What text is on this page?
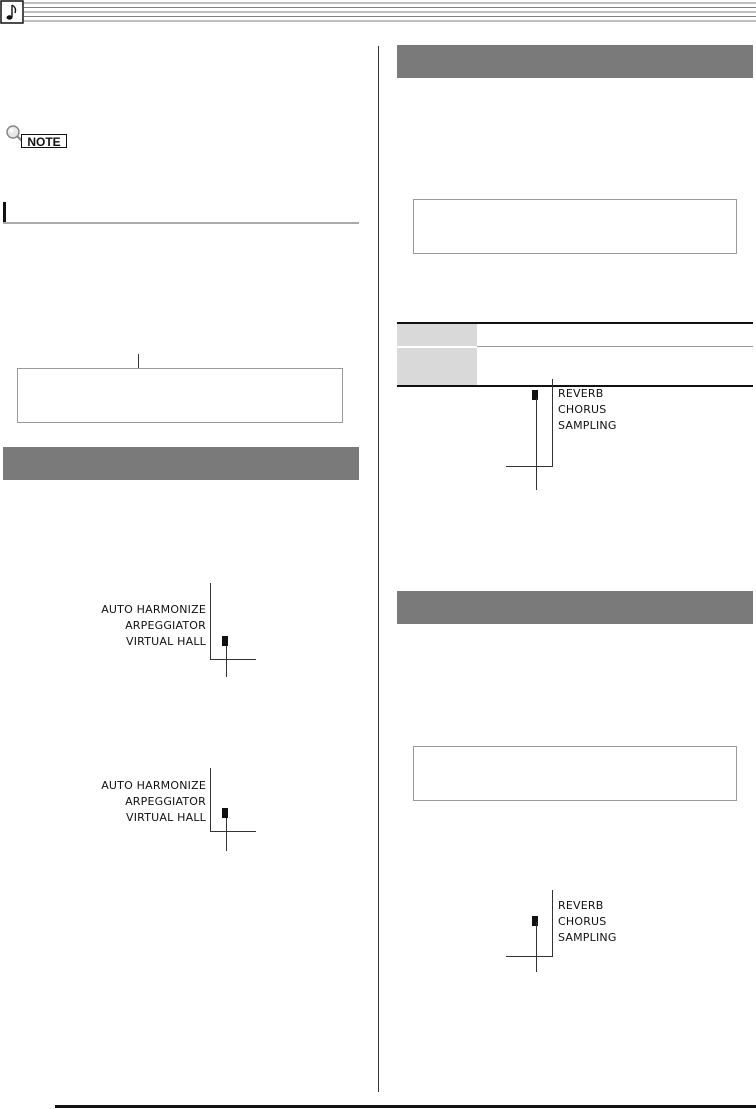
NOTE
AUTO HARMONIZE
ARPEGGIATOR
VIRTUAL HALL
AUTO HARMONIZE
ARPEGGIATOR
VIRTUAL HALL
REVERB
CHORUS
SAMPLING
REVERB
CHORUS
SAMPLING
